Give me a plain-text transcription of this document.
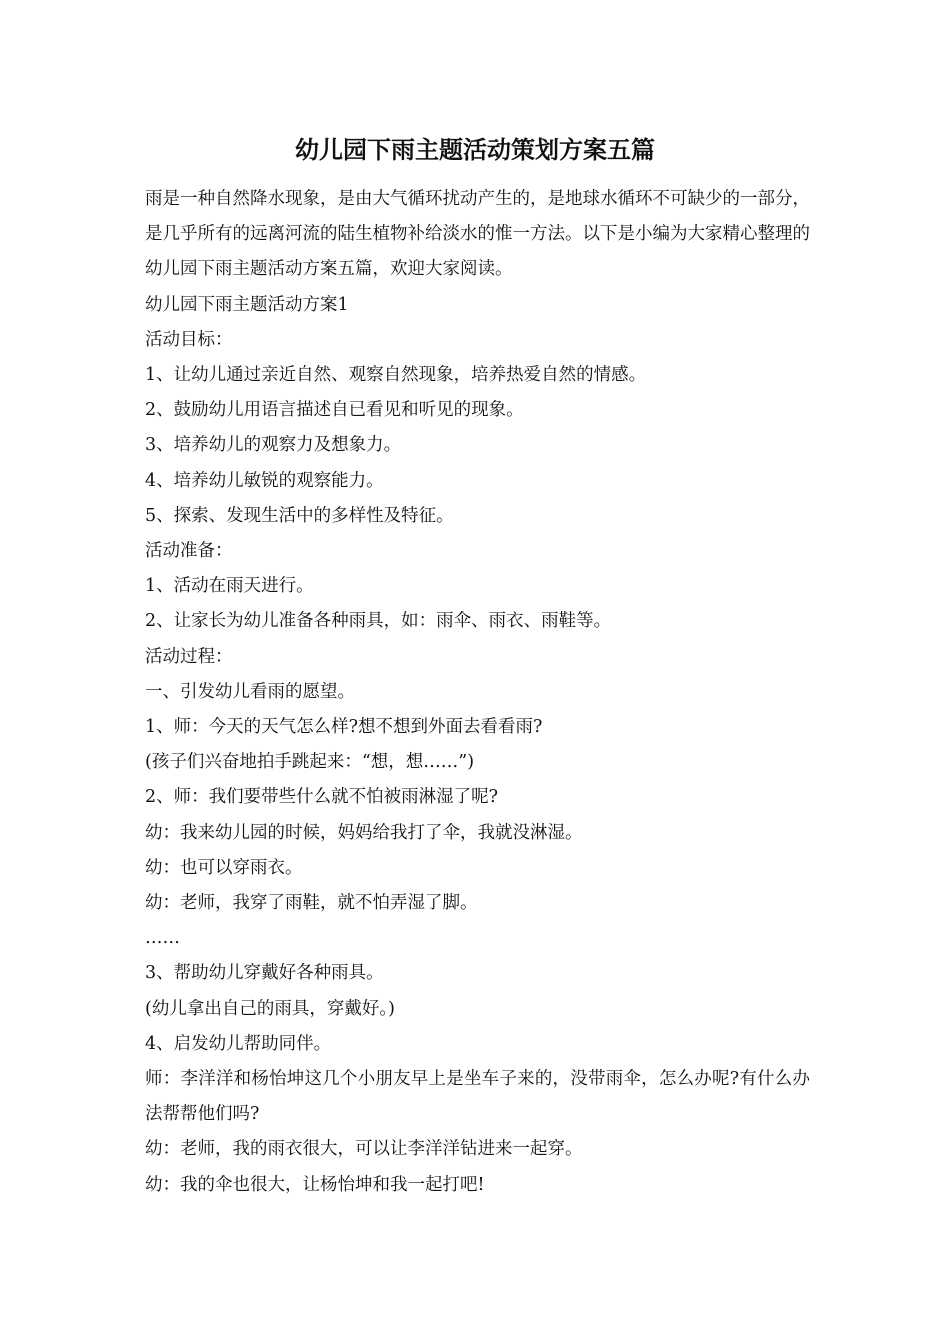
幼儿园下雨主题活动策划方案五篇

雨是一种自然降水现象，是由大气循环扰动产生的，是地球水循环不可缺少的一部分，是几乎所有的远离河流的陆生植物补给淡水的惟一方法。以下是小编为大家精心整理的幼儿园下雨主题活动方案五篇，欢迎大家阅读。

幼儿园下雨主题活动方案1

活动目标：

1、让幼儿通过亲近自然、观察自然现象，培养热爱自然的情感。

2、鼓励幼儿用语言描述自已看见和听见的现象。

3、培养幼儿的观察力及想象力。

4、培养幼儿敏锐的观察能力。

5、探索、发现生活中的多样性及特征。

活动准备：

1、活动在雨天进行。

2、让家长为幼儿准备各种雨具，如：雨伞、雨衣、雨鞋等。

活动过程：

一、引发幼儿看雨的愿望。

1、师：今天的天气怎么样?想不想到外面去看看雨?

(孩子们兴奋地拍手跳起来：“想，想……”)

2、师：我们要带些什么就不怕被雨淋湿了呢?

幼：我来幼儿园的时候，妈妈给我打了伞，我就没淋湿。

幼：也可以穿雨衣。

幼：老师，我穿了雨鞋，就不怕弄湿了脚。

……

3、帮助幼儿穿戴好各种雨具。

(幼儿拿出自己的雨具，穿戴好。)

4、启发幼儿帮助同伴。

师：李洋洋和杨怡坤这几个小朋友早上是坐车子来的，没带雨伞，怎么办呢?有什么办法帮帮他们吗?

幼：老师，我的雨衣很大，可以让李洋洋钻进来一起穿。

幼：我的伞也很大，让杨怡坤和我一起打吧!
